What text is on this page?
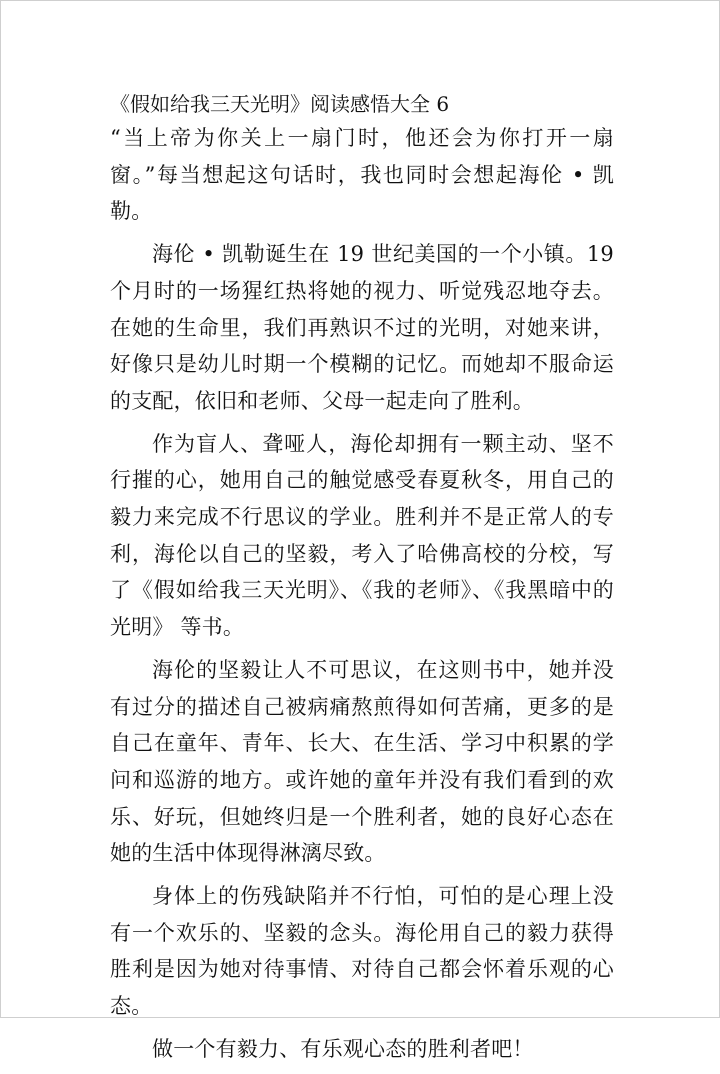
《假如给我三天光明》阅读感悟大全 6

“当上帝为你关上一扇门时，他还会为你打开一扇窗。”每当想起这句话时，我也同时会想起海伦 • 凯勒。

海伦 • 凯勒诞生在 19 世纪美国的一个小镇。19 个月时的一场猩红热将她的视力、听觉残忍地夺去。在她的生命里，我们再熟识不过的光明，对她来讲，好像只是幼儿时期一个模糊的记忆。而她却不服命运的支配，依旧和老师、父母一起走向了胜利。

作为盲人、聋哑人，海伦却拥有一颗主动、坚不行摧的心，她用自己的触觉感受春夏秋冬，用自己的毅力来完成不行思议的学业。胜利并不是正常人的专利，海伦以自己的坚毅，考入了哈佛高校的分校，写了《假如给我三天光明》、《我的老师》、《我黑暗中的光明》 等书。

海伦的坚毅让人不可思议，在这则书中，她并没有过分的描述自己被病痛熬煎得如何苦痛，更多的是自己在童年、青年、长大、在生活、学习中积累的学问和巡游的地方。或许她的童年并没有我们看到的欢乐、好玩，但她终归是一个胜利者，她的良好心态在她的生活中体现得淋漓尽致。

身体上的伤残缺陷并不行怕，可怕的是心理上没有一个欢乐的、坚毅的念头。海伦用自己的毅力获得胜利是因为她对待事情、对待自己都会怀着乐观的心态。

做一个有毅力、有乐观心态的胜利者吧！
